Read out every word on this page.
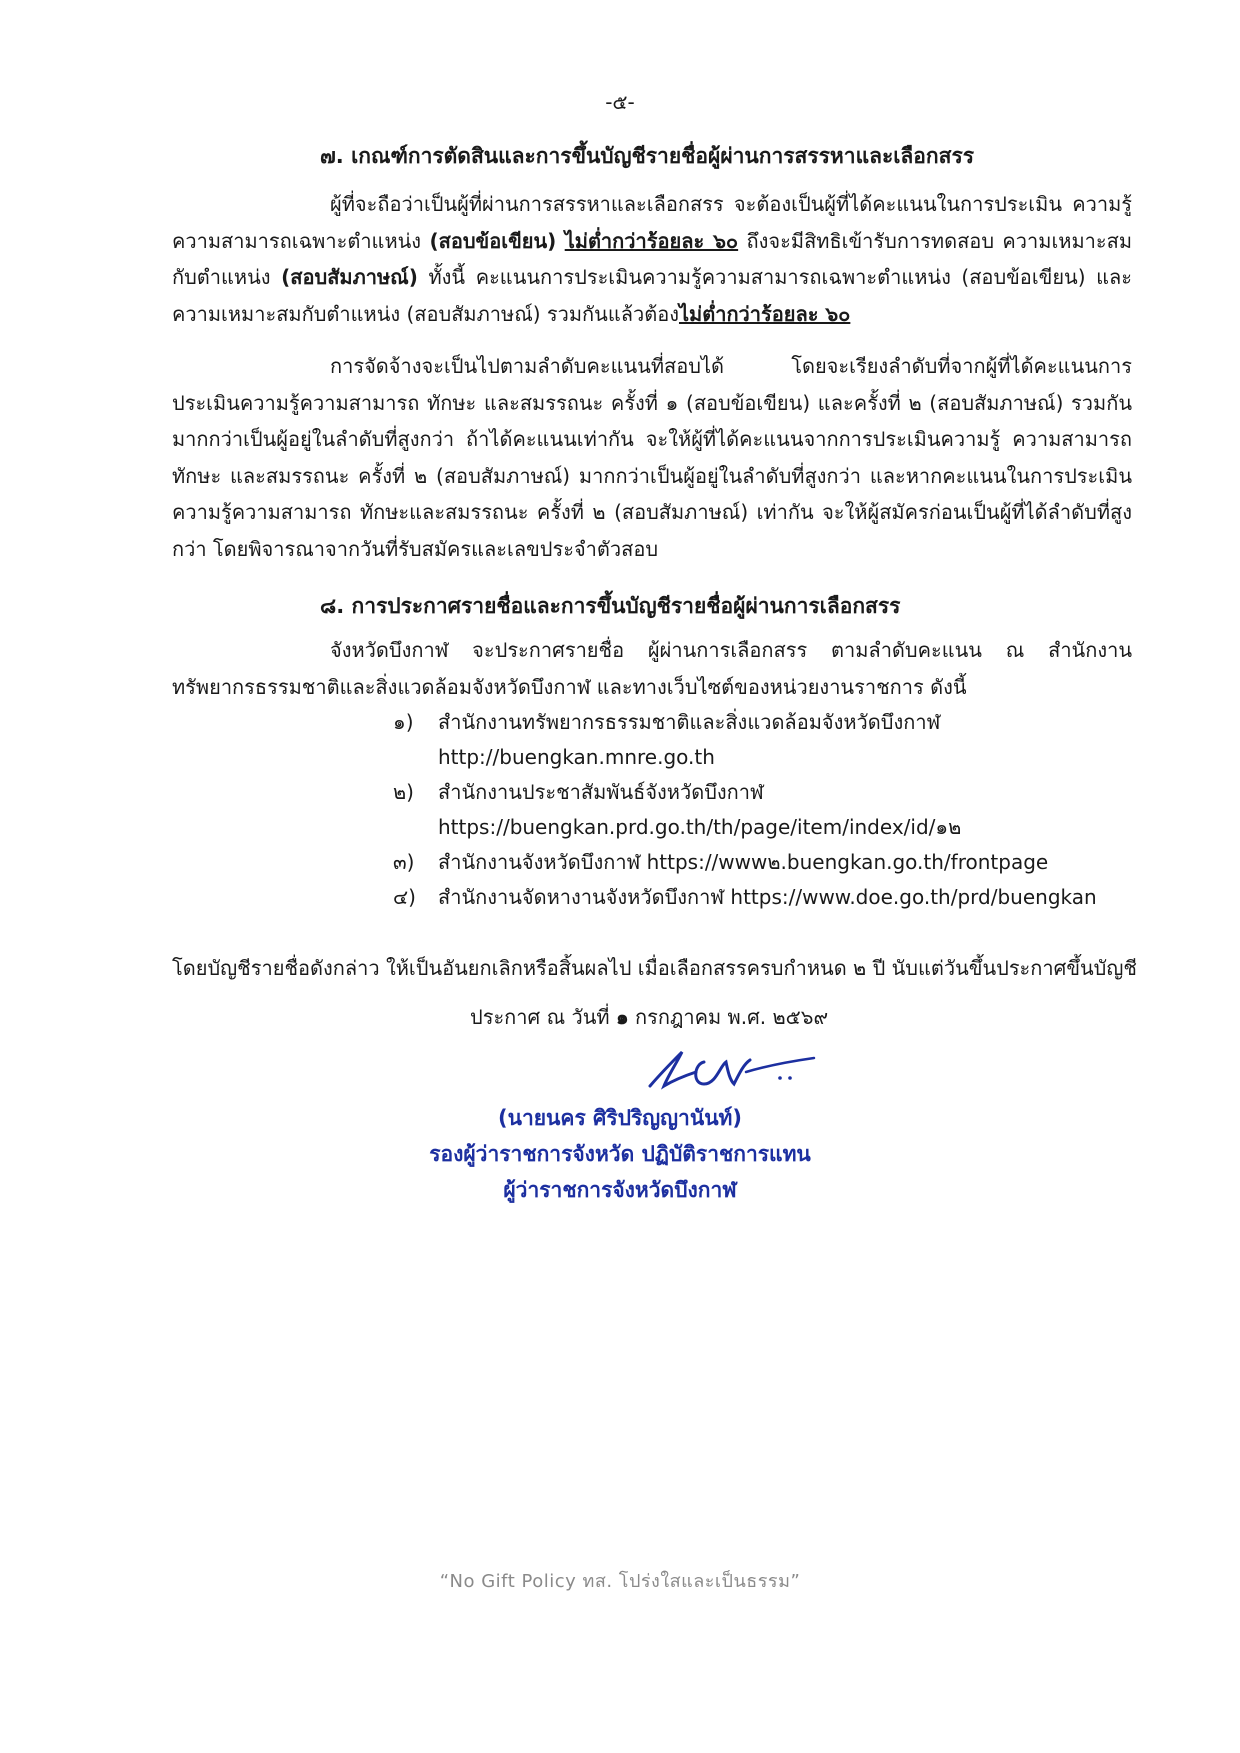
-๕-
๗. เกณฑ์การตัดสินและการขึ้นบัญชีรายชื่อผู้ผ่านการสรรหาและเลือกสรร

ผู้ที่จะถือว่าเป็นผู้ที่ผ่านการสรรหาและเลือกสรร จะต้องเป็นผู้ที่ได้คะแนนในการประเมิน ความรู้ความสามารถเฉพาะตำแหน่ง (สอบข้อเขียน) ไม่ต่ำกว่าร้อยละ ๖๐ ถึงจะมีสิทธิเข้ารับการทดสอบ ความเหมาะสมกับตำแหน่ง (สอบสัมภาษณ์) ทั้งนี้ คะแนนการประเมินความรู้ความสามารถเฉพาะตำแหน่ง (สอบข้อเขียน) และความเหมาะสมกับตำแหน่ง (สอบสัมภาษณ์) รวมกันแล้วต้องไม่ต่ำกว่าร้อยละ ๖๐

การจัดจ้างจะเป็นไปตามลำดับคะแนนที่สอบได้ โดยจะเรียงลำดับที่จากผู้ที่ได้คะแนนการ ประเมินความรู้ความสามารถ ทักษะ และสมรรถนะ ครั้งที่ ๑ (สอบข้อเขียน) และครั้งที่ ๒ (สอบสัมภาษณ์) รวมกันมากกว่าเป็นผู้อยู่ในลำดับที่สูงกว่า ถ้าได้คะแนนเท่ากัน จะให้ผู้ที่ได้คะแนนจากการประเมินความรู้ ความสามารถ ทักษะ และสมรรถนะ ครั้งที่ ๒ (สอบสัมภาษณ์) มากกว่าเป็นผู้อยู่ในลำดับที่สูงกว่า และหากคะแนนในการประเมินความรู้ความสามารถ ทักษะและสมรรถนะ ครั้งที่ ๒ (สอบสัมภาษณ์) เท่ากัน จะให้ผู้สมัครก่อนเป็นผู้ที่ได้ลำดับที่สูงกว่า โดยพิจารณาจากวันที่รับสมัครและเลขประจำตัวสอบ

๘. การประกาศรายชื่อและการขึ้นบัญชีรายชื่อผู้ผ่านการเลือกสรร

จังหวัดบึงกาฬ จะประกาศรายชื่อ ผู้ผ่านการเลือกสรร ตามลำดับคะแนน ณ สำนักงาน ทรัพยากรธรรมชาติและสิ่งแวดล้อมจังหวัดบึงกาฬ และทางเว็บไซต์ของหน่วยงานราชการ ดังนี้

๑) สำนักงานทรัพยากรธรรมชาติและสิ่งแวดล้อมจังหวัดบึงกาฬ
http://buengkan.mnre.go.th
๒) สำนักงานประชาสัมพันธ์จังหวัดบึงกาฬ
https://buengkan.prd.go.th/th/page/item/index/id/๑๒
๓) สำนักงานจังหวัดบึงกาฬ https://www๒.buengkan.go.th/frontpage
๔) สำนักงานจัดหางานจังหวัดบึงกาฬ https://www.doe.go.th/prd/buengkan
โดยบัญชีรายชื่อดังกล่าว ให้เป็นอันยกเลิกหรือสิ้นผลไป เมื่อเลือกสรรครบกำหนด ๒ ปี นับแต่วันขึ้นประกาศขึ้นบัญชี
ประกาศ ณ วันที่ ๑ กรกฎาคม พ.ศ. ๒๕๖๙
(นายนคร ศิริปริญญานันท์)
รองผู้ว่าราชการจังหวัด ปฏิบัติราชการแทน
ผู้ว่าราชการจังหวัดบึงกาฬ
“No Gift Policy ทส. โปร่งใสและเป็นธรรม”
